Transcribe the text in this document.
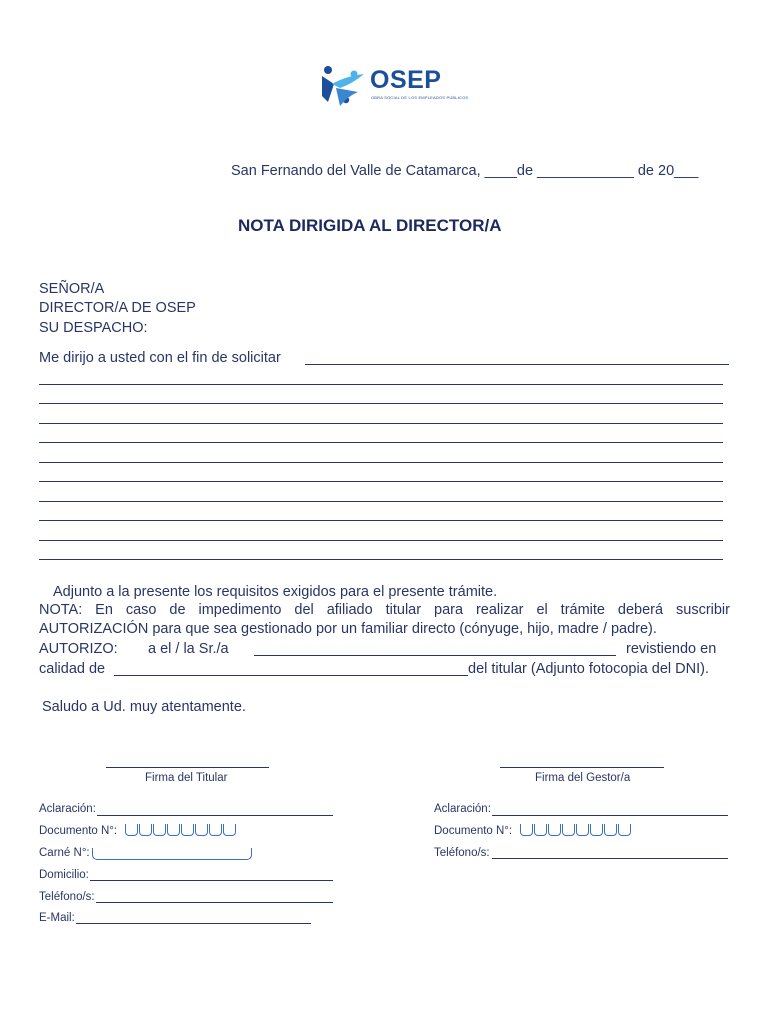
OSEP
OBRA SOCIAL DE LOS EMPLEADOS PÚBLICOS
San Fernando del Valle de Catamarca, ____de ____________ de 20___
NOTA DIRIGIDA AL DIRECTOR/A
SEÑOR/A
DIRECTOR/A DE OSEP
SU DESPACHO:
Me dirijo a usted con el fin de solicitar
Adjunto a la presente los requisitos exigidos para el presente trámite.
NOTA: En caso de impedimento del afiliado titular para realizar el trámite deberá suscribir
AUTORIZACIÓN para que sea gestionado por un familiar directo (cónyuge, hijo, madre / padre).
AUTORIZO: a el / la Sr./a	revistiendo en
calidad de	del titular (Adjunto fotocopia del DNI).
Saludo a Ud. muy atentamente.
Firma del Titular	Firma del Gestor/a
Aclaración:
Documento N°:
Carné N°:
Domicilio:
Teléfono/s:
E-Mail:
Aclaración:
Documento N°:
Teléfono/s:
